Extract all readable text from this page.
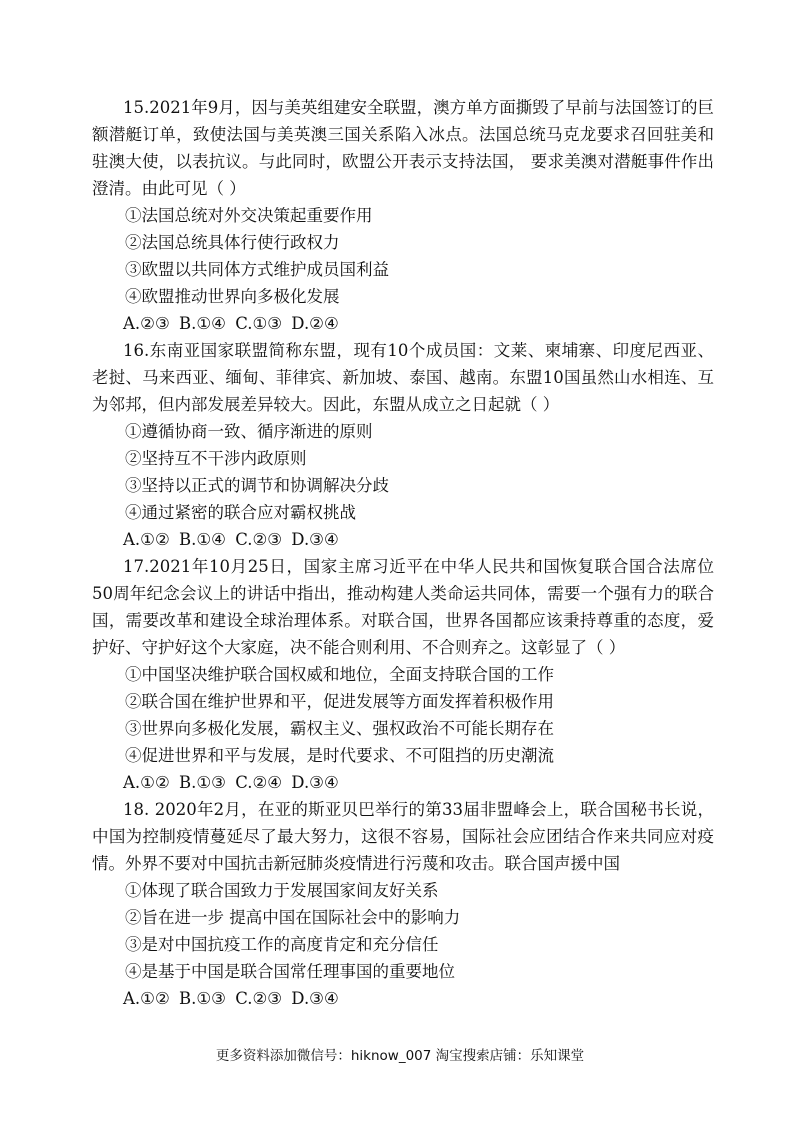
15.2021年9月，因与美英组建安全联盟，澳方单方面撕毁了早前与法国签订的巨额潜艇订单，致使法国与美英澳三国关系陷入冰点。法国总统马克龙要求召回驻美和驻澳大使，以表抗议。与此同时，欧盟公开表示支持法国， 要求美澳对潜艇事件作出澄清。由此可见（ ）

①法国总统对外交决策起重要作用

②法国总统具体行使行政权力

③欧盟以共同体方式维护成员国利益

④欧盟推动世界向多极化发展

A.②③ B.①④ C.①③ D.②④

16.东南亚国家联盟简称东盟，现有10个成员国：文莱、柬埔寨、印度尼西亚、老挝、马来西亚、缅甸、菲律宾、新加坡、泰国、越南。东盟10国虽然山水相连、互为邻邦，但内部发展差异较大。因此，东盟从成立之日起就（ ）

①遵循协商一致、循序渐进的原则

②坚持互不干涉内政原则

③坚持以正式的调节和协调解决分歧

④通过紧密的联合应对霸权挑战

A.①② B.①④ C.②③ D.③④

17.2021年10月25日，国家主席习近平在中华人民共和国恢复联合国合法席位50周年纪念会议上的讲话中指出，推动构建人类命运共同体，需要一个强有力的联合国，需要改革和建设全球治理体系。对联合国，世界各国都应该秉持尊重的态度，爱护好、守护好这个大家庭，决不能合则利用、不合则弃之。这彰显了（ ）

①中国坚决维护联合国权威和地位，全面支持联合国的工作

②联合国在维护世界和平，促进发展等方面发挥着积极作用

③世界向多极化发展，霸权主义、强权政治不可能长期存在

④促进世界和平与发展，是时代要求、不可阻挡的历史潮流

A.①② B.①③ C.②④ D.③④

18. 2020年2月，在亚的斯亚贝巴举行的第33届非盟峰会上，联合国秘书长说，中国为控制疫情蔓延尽了最大努力，这很不容易，国际社会应团结合作来共同应对疫情。外界不要对中国抗击新冠肺炎疫情进行污蔑和攻击。联合国声援中国

①体现了联合国致力于发展国家间友好关系

②旨在进一步 提高中国在国际社会中的影响力

③是对中国抗疫工作的高度肯定和充分信任

④是基于中国是联合国常任理事国的重要地位

A.①② B.①③ C.②③ D.③④

更多资料添加微信号：hiknow_007 淘宝搜索店铺：乐知课堂
